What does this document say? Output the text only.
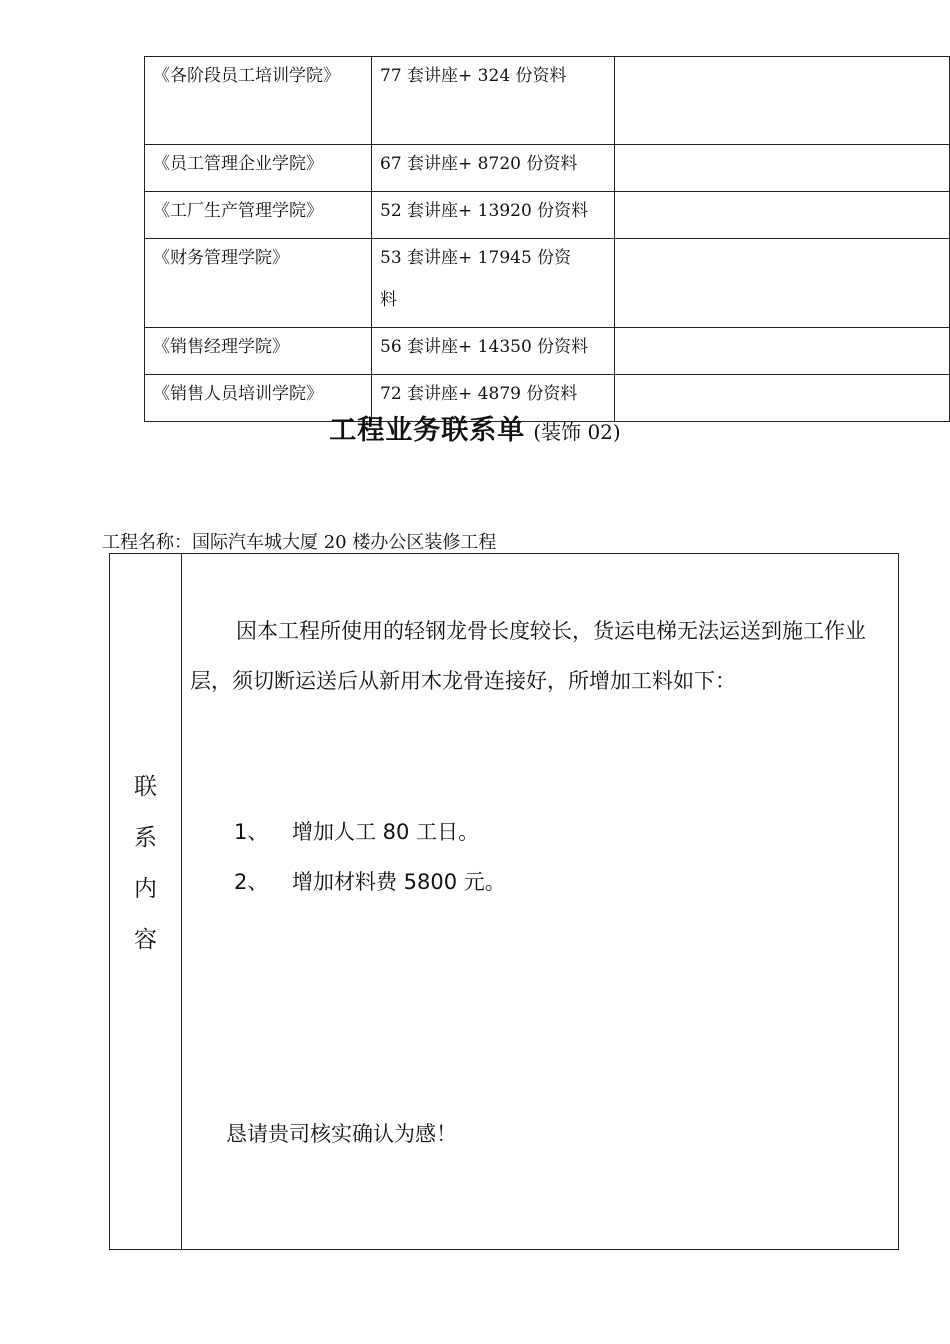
《各阶段员工培训学院》	77 套讲座+ 324 份资料	

《员工管理企业学院》	67 套讲座+ 8720 份资料	

《工厂生产管理学院》	52 套讲座+ 13920 份资料	

《财务管理学院》	53 套讲座+ 17945 份资料	

《销售经理学院》	56 套讲座+ 14350 份资料	

《销售人员培训学院》	72 套讲座+ 4879 份资料	

工程业务联系单 (装饰 02)
工程名称：国际汽车城大厦 20 楼办公区装修工程
联
系
内
容

因本工程所使用的轻钢龙骨长度较长，货运电梯无法运送到施工作业层，须切断运送后从新用木龙骨连接好，所增加工料如下：

1、 增加人工 80 工日。
2、 增加材料费 5800 元。
恳请贵司核实确认为感！
